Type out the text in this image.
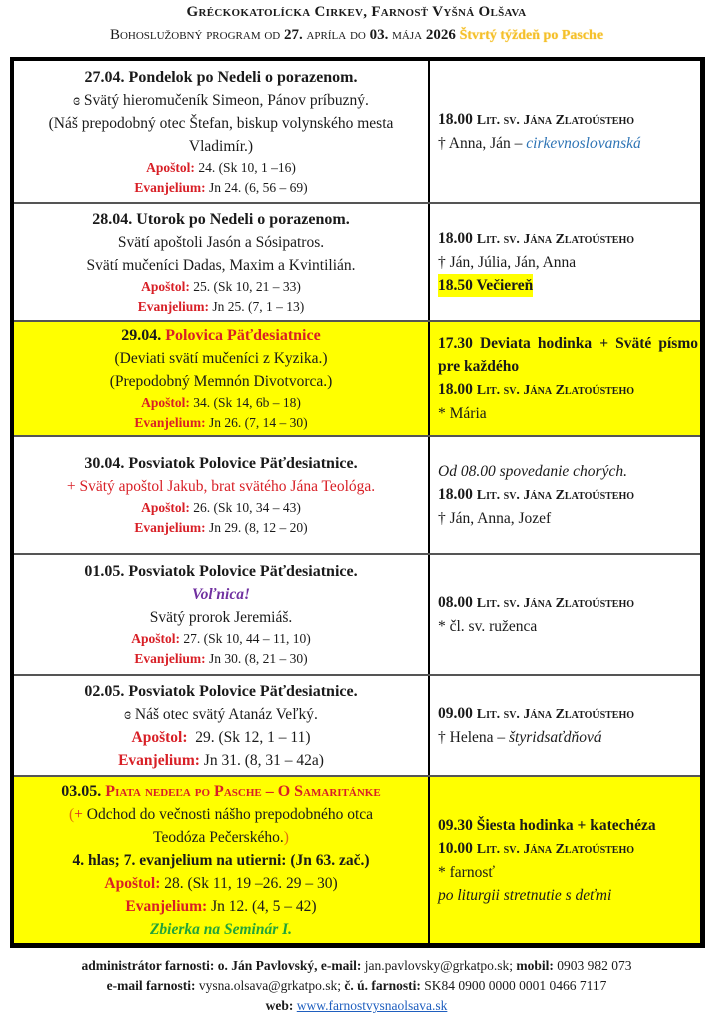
Gréckokatolícka Cirkev, Farnosť Vyšná Olšava
Bohoslužobný program od 27. apríla do 03. mája 2026 Štvrtý týždeň po Pasche
27.04. Pondelok po Nedeli o porazenom.
ɞ Svätý hieromučeník Simeon, Pánov príbuzný.
(Náš prepodobný otec Štefan, biskup volynského mesta Vladimír.)
Apoštol: 24. (Sk 10, 1 –16)
Evanjelium: Jn 24. (6, 56 – 69)
18.00 Lit. sv. Jána Zlatoústeho
† Anna, Ján – cirkevnoslovanská
28.04. Utorok po Nedeli o porazenom.
Svätí apoštoli Jasón a Sósipatros.
Svätí mučeníci Dadas, Maxim a Kvintilián.
Apoštol: 25. (Sk 10, 21 – 33)
Evanjelium: Jn 25. (7, 1 – 13)
18.00 Lit. sv. Jána Zlatoústeho
† Ján, Júlia, Ján, Anna
18.50 Večiereň
29.04. Polovica Päťdesiatnice
(Deviati svätí mučeníci z Kyzika.)
(Prepodobný Memnón Divotvorca.)
Apoštol: 34. (Sk 14, 6b – 18)
Evanjelium: Jn 26. (7, 14 – 30)
17.30 Deviata hodinka + Sväté písmo pre každého
18.00 Lit. sv. Jána Zlatoústeho
* Mária
30.04. Posviatok Polovice Päťdesiatnice.
+ Svätý apoštol Jakub, brat svätého Jána Teológa.
Apoštol: 26. (Sk 10, 34 – 43)
Evanjelium: Jn 29. (8, 12 – 20)
Od 08.00 spovedanie chorých.
18.00 Lit. sv. Jána Zlatoústeho
† Ján, Anna, Jozef
01.05. Posviatok Polovice Päťdesiatnice.
Voľnica!
Svätý prorok Jeremiáš.
Apoštol: 27. (Sk 10, 44 – 11, 10)
Evanjelium: Jn 30. (8, 21 – 30)
08.00 Lit. sv. Jána Zlatoústeho
* čl. sv. ruženca
02.05. Posviatok Polovice Päťdesiatnice.
ɞ Náš otec svätý Atanáz Veľký.
Apoštol: 29. (Sk 12, 1 – 11)
Evanjelium: Jn 31. (8, 31 – 42a)
09.00 Lit. sv. Jána Zlatoústeho
† Helena – štyridsaťdňová
03.05. Piata nedeľa po Pasche – O Samaritánke
(+ Odchod do večnosti nášho prepodobného otca
Teodóza Pečerského.)
4. hlas; 7. evanjelium na utierni: (Jn 63. zač.)
Apoštol: 28. (Sk 11, 19 –26. 29 – 30)
Evanjelium: Jn 12. (4, 5 – 42)
Zbierka na Seminár I.
09.30 Šiesta hodinka + katechéza
10.00 Lit. sv. Jána Zlatoústeho
* farnosť
po liturgii stretnutie s deťmi
administrátor farnosti: o. Ján Pavlovský, e-mail: jan.pavlovsky@grkatpo.sk; mobil: 0903 982 073
e-mail farnosti: vysna.olsava@grkatpo.sk; č. ú. farnosti: SK84 0900 0000 0001 0466 7117
web: www.farnostvysnaolsava.sk
